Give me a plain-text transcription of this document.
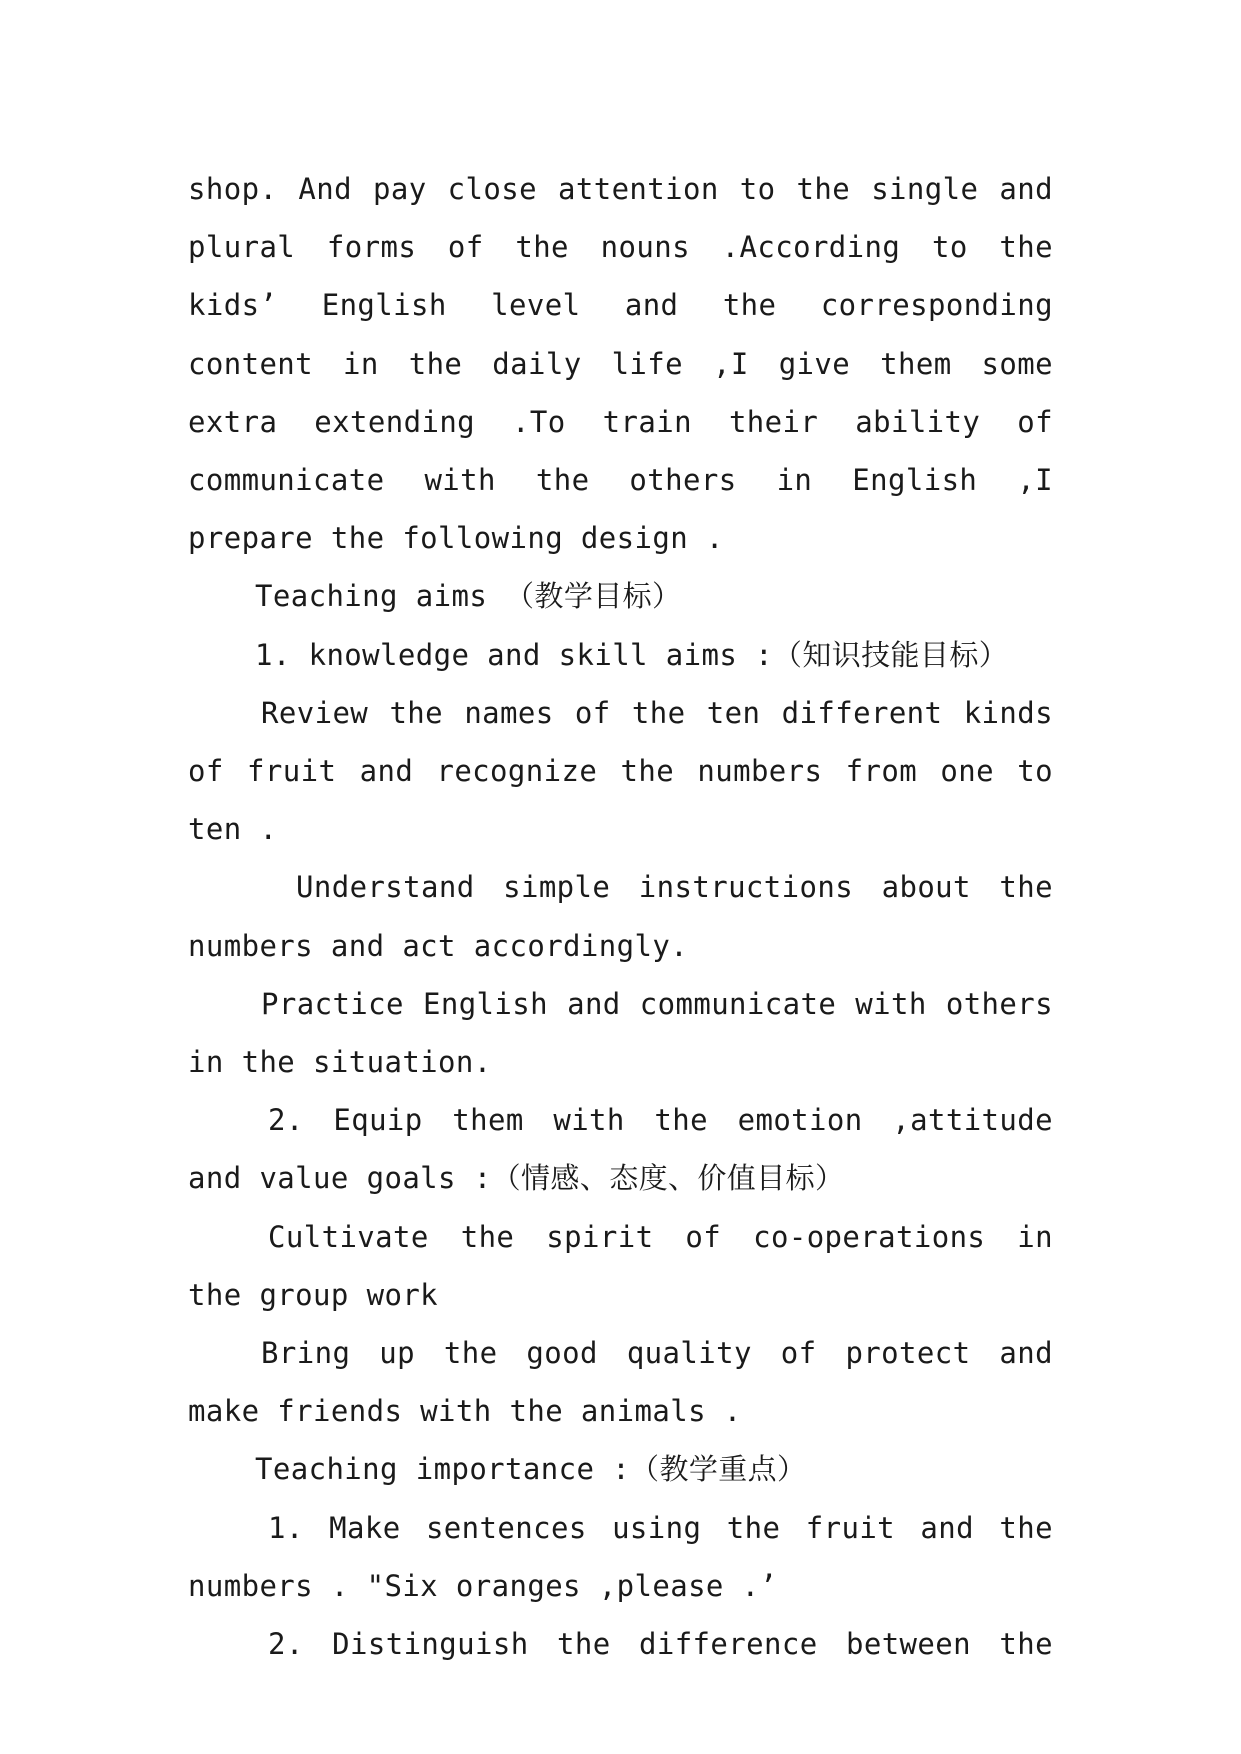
shop. And pay close attention to the single and plural forms of the nouns .According to the kids’ English level and the corresponding content in the daily life ,I give them some extra extending .To train their ability of communicate with the others in English ,I prepare the following design .

Teaching aims （教学目标）

1. knowledge and skill aims :（知识技能目标）

Review the names of the ten different kinds of fruit and recognize the numbers from one to ten .

Understand simple instructions about the numbers and act accordingly.

Practice English and communicate with others in the situation.

2. Equip them with the emotion ,attitude and value goals :（情感、态度、价值目标）

Cultivate the spirit of co-operations in the group work

Bring up the good quality of protect and make friends with the animals .

Teaching importance :（教学重点）

1. Make sentences using the fruit and the numbers . "Six oranges ,please .’

2. Distinguish the difference between the
